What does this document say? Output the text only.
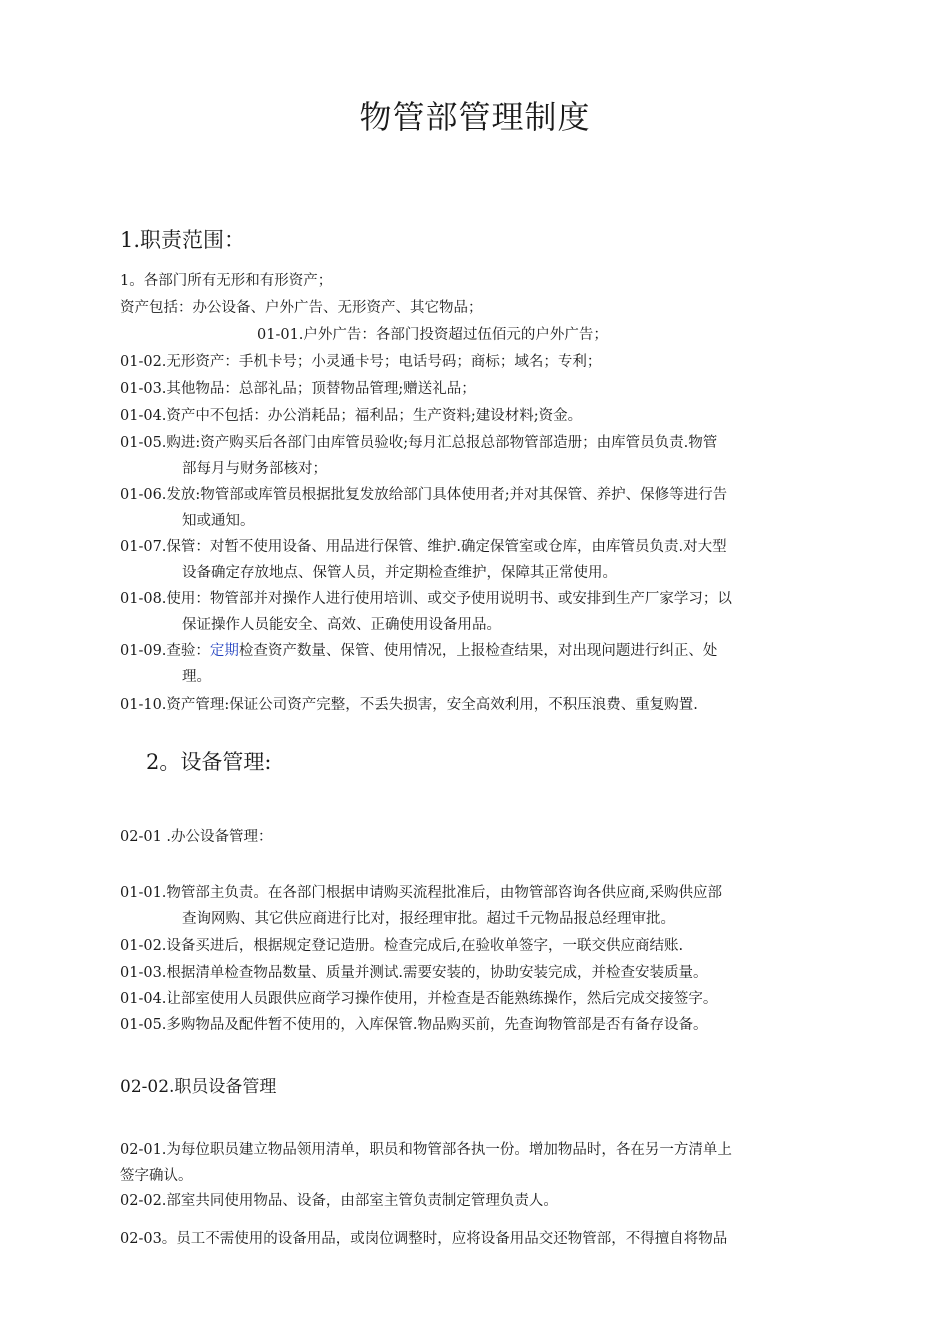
物管部管理制度
1.职责范围：

1。各部门所有无形和有形资产；

资产包括：办公设备、户外广告、无形资产、其它物品；

01-01.户外广告：各部门投资超过伍佰元的户外广告；

01-02.无形资产：手机卡号；小灵通卡号；电话号码；商标；域名；专利；

01-03.其他物品：总部礼品；顶替物品管理;赠送礼品；

01-04.资产中不包括：办公消耗品；福利品；生产资料;建设材料;资金。

01-05.购进:资产购买后各部门由库管员验收;每月汇总报总部物管部造册；由库管员负责.物管
部每月与财务部核对；
01-06.发放:物管部或库管员根据批复发放给部门具体使用者;并对其保管、养护、保修等进行告
知或通知。
01-07.保管：对暂不使用设备、用品进行保管、维护.确定保管室或仓库，由库管员负责.对大型
设备确定存放地点、保管人员，并定期检查维护，保障其正常使用。
01-08.使用：物管部并对操作人进行使用培训、或交予使用说明书、或安排到生产厂家学习；以
保证操作人员能安全、高效、正确使用设备用品。
01-09.查验：定期检查资产数量、保管、使用情况，上报检查结果，对出现问题进行纠正、处
理。

01-10.资产管理:保证公司资产完整，不丢失损害，安全高效利用，不积压浪费、重复购置.

2。设备管理:

02-01 .办公设备管理：

01-01.物管部主负责。在各部门根据申请购买流程批准后，由物管部咨询各供应商,采购供应部
查询网购、其它供应商进行比对，报经理审批。超过千元物品报总经理审批。

01-02.设备买进后，根据规定登记造册。检查完成后,在验收单签字，一联交供应商结账.

01-03.根据清单检查物品数量、质量并测试.需要安装的，协助安装完成，并检查安装质量。

01-04.让部室使用人员跟供应商学习操作使用，并检查是否能熟练操作，然后完成交接签字。

01-05.多购物品及配件暂不使用的，入库保管.物品购买前，先查询物管部是否有备存设备。

02-02.职员设备管理
02-01.为每位职员建立物品领用清单，职员和物管部各执一份。增加物品时，各在另一方清单上
签字确认。

02-02.部室共同使用物品、设备，由部室主管负责制定管理负责人。

02-03。员工不需使用的设备用品，或岗位调整时，应将设备用品交还物管部，不得擅自将物品
